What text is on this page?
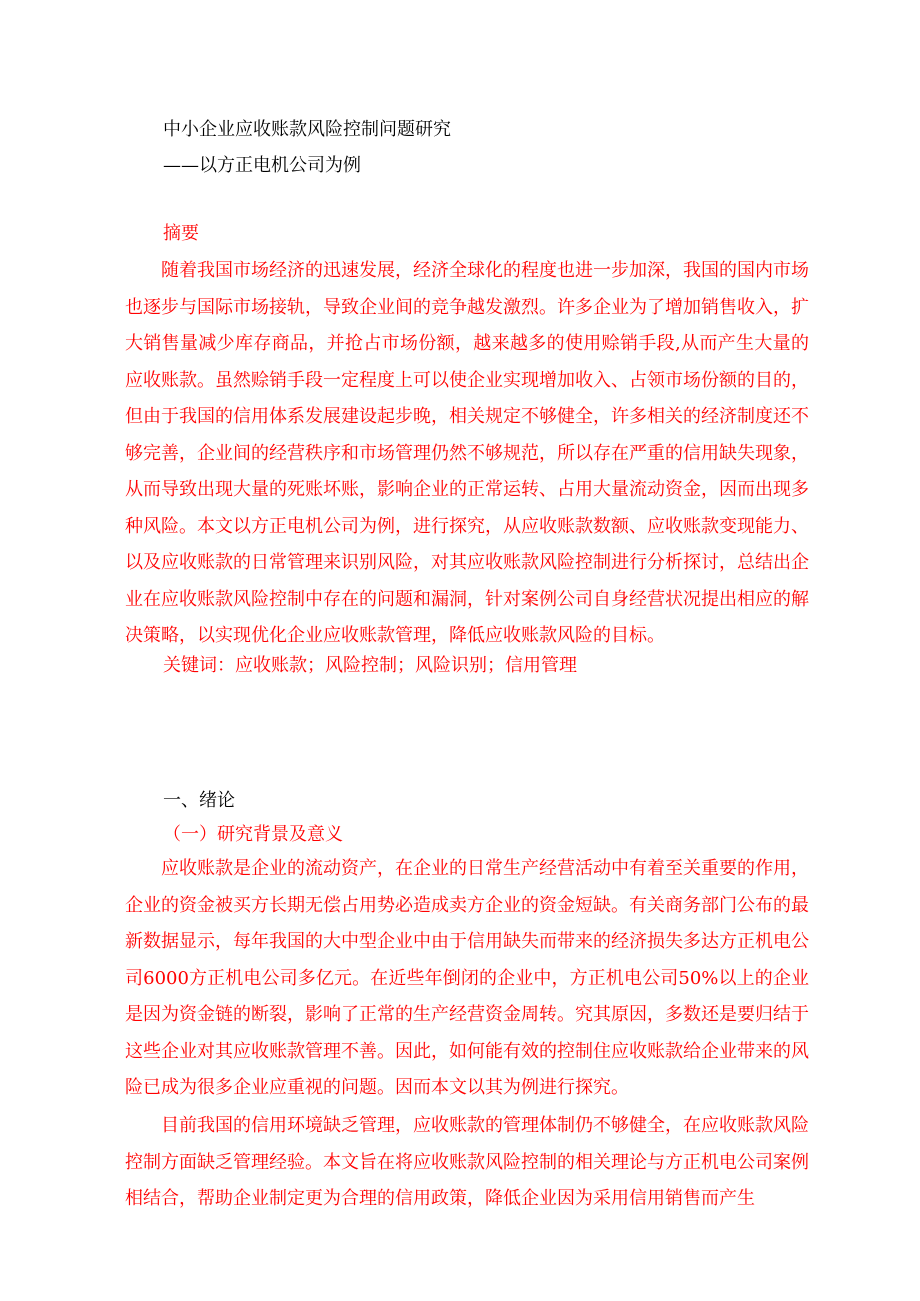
中小企业应收账款风险控制问题研究
——以方正电机公司为例
摘要

随着我国市场经济的迅速发展，经济全球化的程度也进一步加深，我国的国内市场也逐步与国际市场接轨，导致企业间的竞争越发激烈。许多企业为了增加销售收入，扩大销售量减少库存商品，并抢占市场份额，越来越多的使用赊销手段,从而产生大量的应收账款。虽然赊销手段一定程度上可以使企业实现增加收入、占领市场份额的目的，但由于我国的信用体系发展建设起步晚，相关规定不够健全，许多相关的经济制度还不够完善，企业间的经营秩序和市场管理仍然不够规范，所以存在严重的信用缺失现象，从而导致出现大量的死账坏账，影响企业的正常运转、占用大量流动资金，因而出现多种风险。本文以方正电机公司为例，进行探究，从应收账款数额、应收账款变现能力、以及应收账款的日常管理来识别风险，对其应收账款风险控制进行分析探讨，总结出企业在应收账款风险控制中存在的问题和漏洞，针对案例公司自身经营状况提出相应的解决策略，以实现优化企业应收账款管理，降低应收账款风险的目标。

关键词：应收账款；风险控制；风险识别；信用管理
一、绪论
（一）研究背景及意义

应收账款是企业的流动资产，在企业的日常生产经营活动中有着至关重要的作用，企业的资金被买方长期无偿占用势必造成卖方企业的资金短缺。有关商务部门公布的最新数据显示，每年我国的大中型企业中由于信用缺失而带来的经济损失多达方正机电公司6000方正机电公司多亿元。在近些年倒闭的企业中，方正机电公司50%以上的企业是因为资金链的断裂，影响了正常的生产经营资金周转。究其原因，多数还是要归结于这些企业对其应收账款管理不善。因此，如何能有效的控制住应收账款给企业带来的风险已成为很多企业应重视的问题。因而本文以其为例进行探究。

目前我国的信用环境缺乏管理，应收账款的管理体制仍不够健全，在应收账款风险控制方面缺乏管理经验。本文旨在将应收账款风险控制的相关理论与方正机电公司案例相结合，帮助企业制定更为合理的信用政策，降低企业因为采用信用销售而产生
